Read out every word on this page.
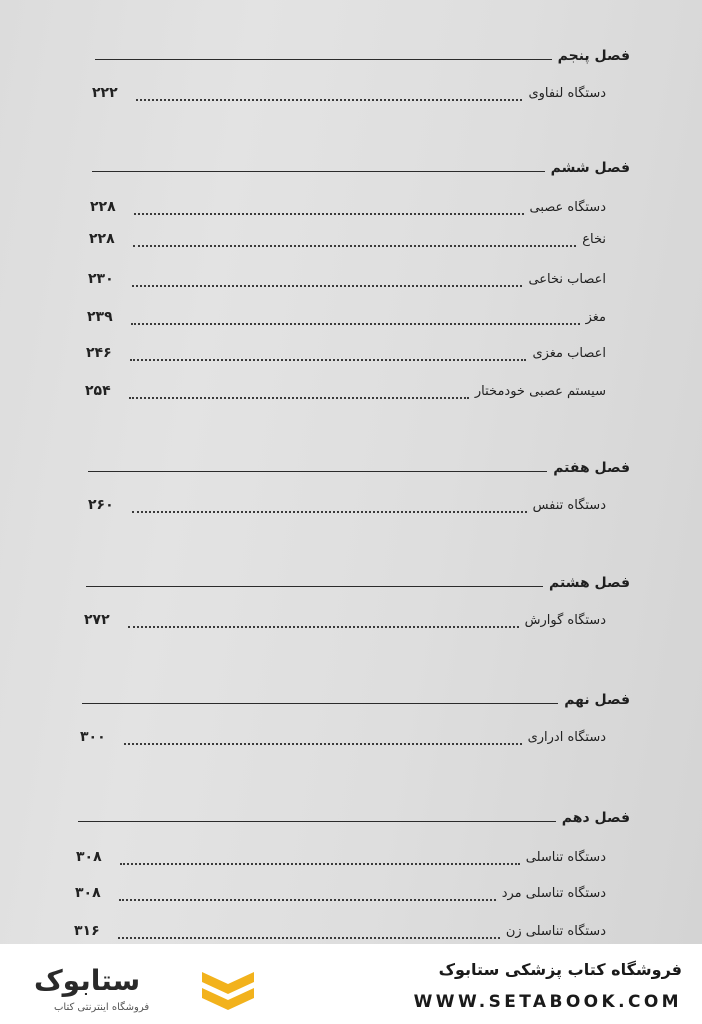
فصل پنجم
۲۲۲	دستگاه لنفاوی
فصل ششم
۲۲۸	دستگاه عصبی
۲۲۸	نخاع
۲۳۰	اعصاب نخاعی
۲۳۹	مغز
۲۴۶	اعصاب مغزی
۲۵۴	سیستم عصبی خودمختار
فصل هفتم
۲۶۰	دستگاه تنفس
فصل هشتم
۲۷۲	دستگاه گوارش
فصل نهم
۳۰۰	دستگاه ادراری
فصل دهم
۳۰۸	دستگاه تناسلی
۳۰۸	دستگاه تناسلی مرد
۳۱۶	دستگاه تناسلی زن
فروشگاه کتاب پزشکی ستابوک
WWW.SETABOOK.COM
ستابوک
فروشگاه اینترنتی کتاب
